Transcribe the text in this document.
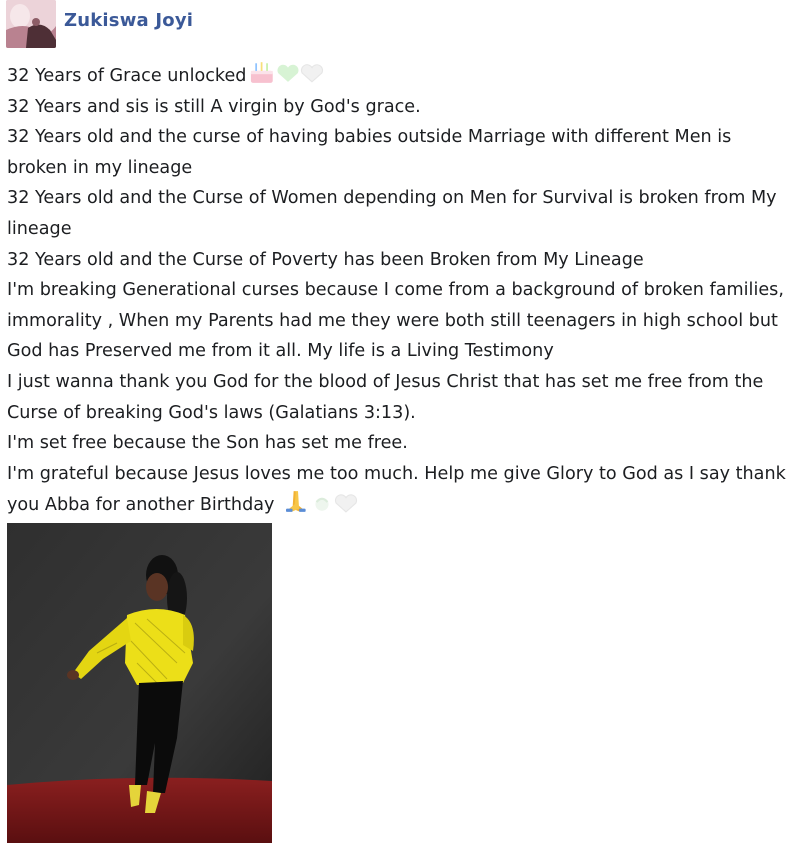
Zukiswa Joyi

32 Years of Grace unlocked

32 Years and sis is still A virgin by God's grace.

32 Years old and the curse of having babies outside Marriage with different Men is broken in my lineage

32 Years old and the Curse of Women depending on Men for Survival is broken from My lineage

32 Years old and the Curse of Poverty has been Broken from My Lineage

I'm breaking Generational curses because I come from a background of broken families, immorality , When my Parents had me they were both still teenagers in high school but God has Preserved me from it all. My life is a Living Testimony

I just wanna thank you God for the blood of Jesus Christ that has set me free from the Curse of breaking God's laws (Galatians 3:13).

I'm set free because the Son has set me free.

I'm grateful because Jesus loves me too much. Help me give Glory to God as I say thank you Abba for another Birthday
